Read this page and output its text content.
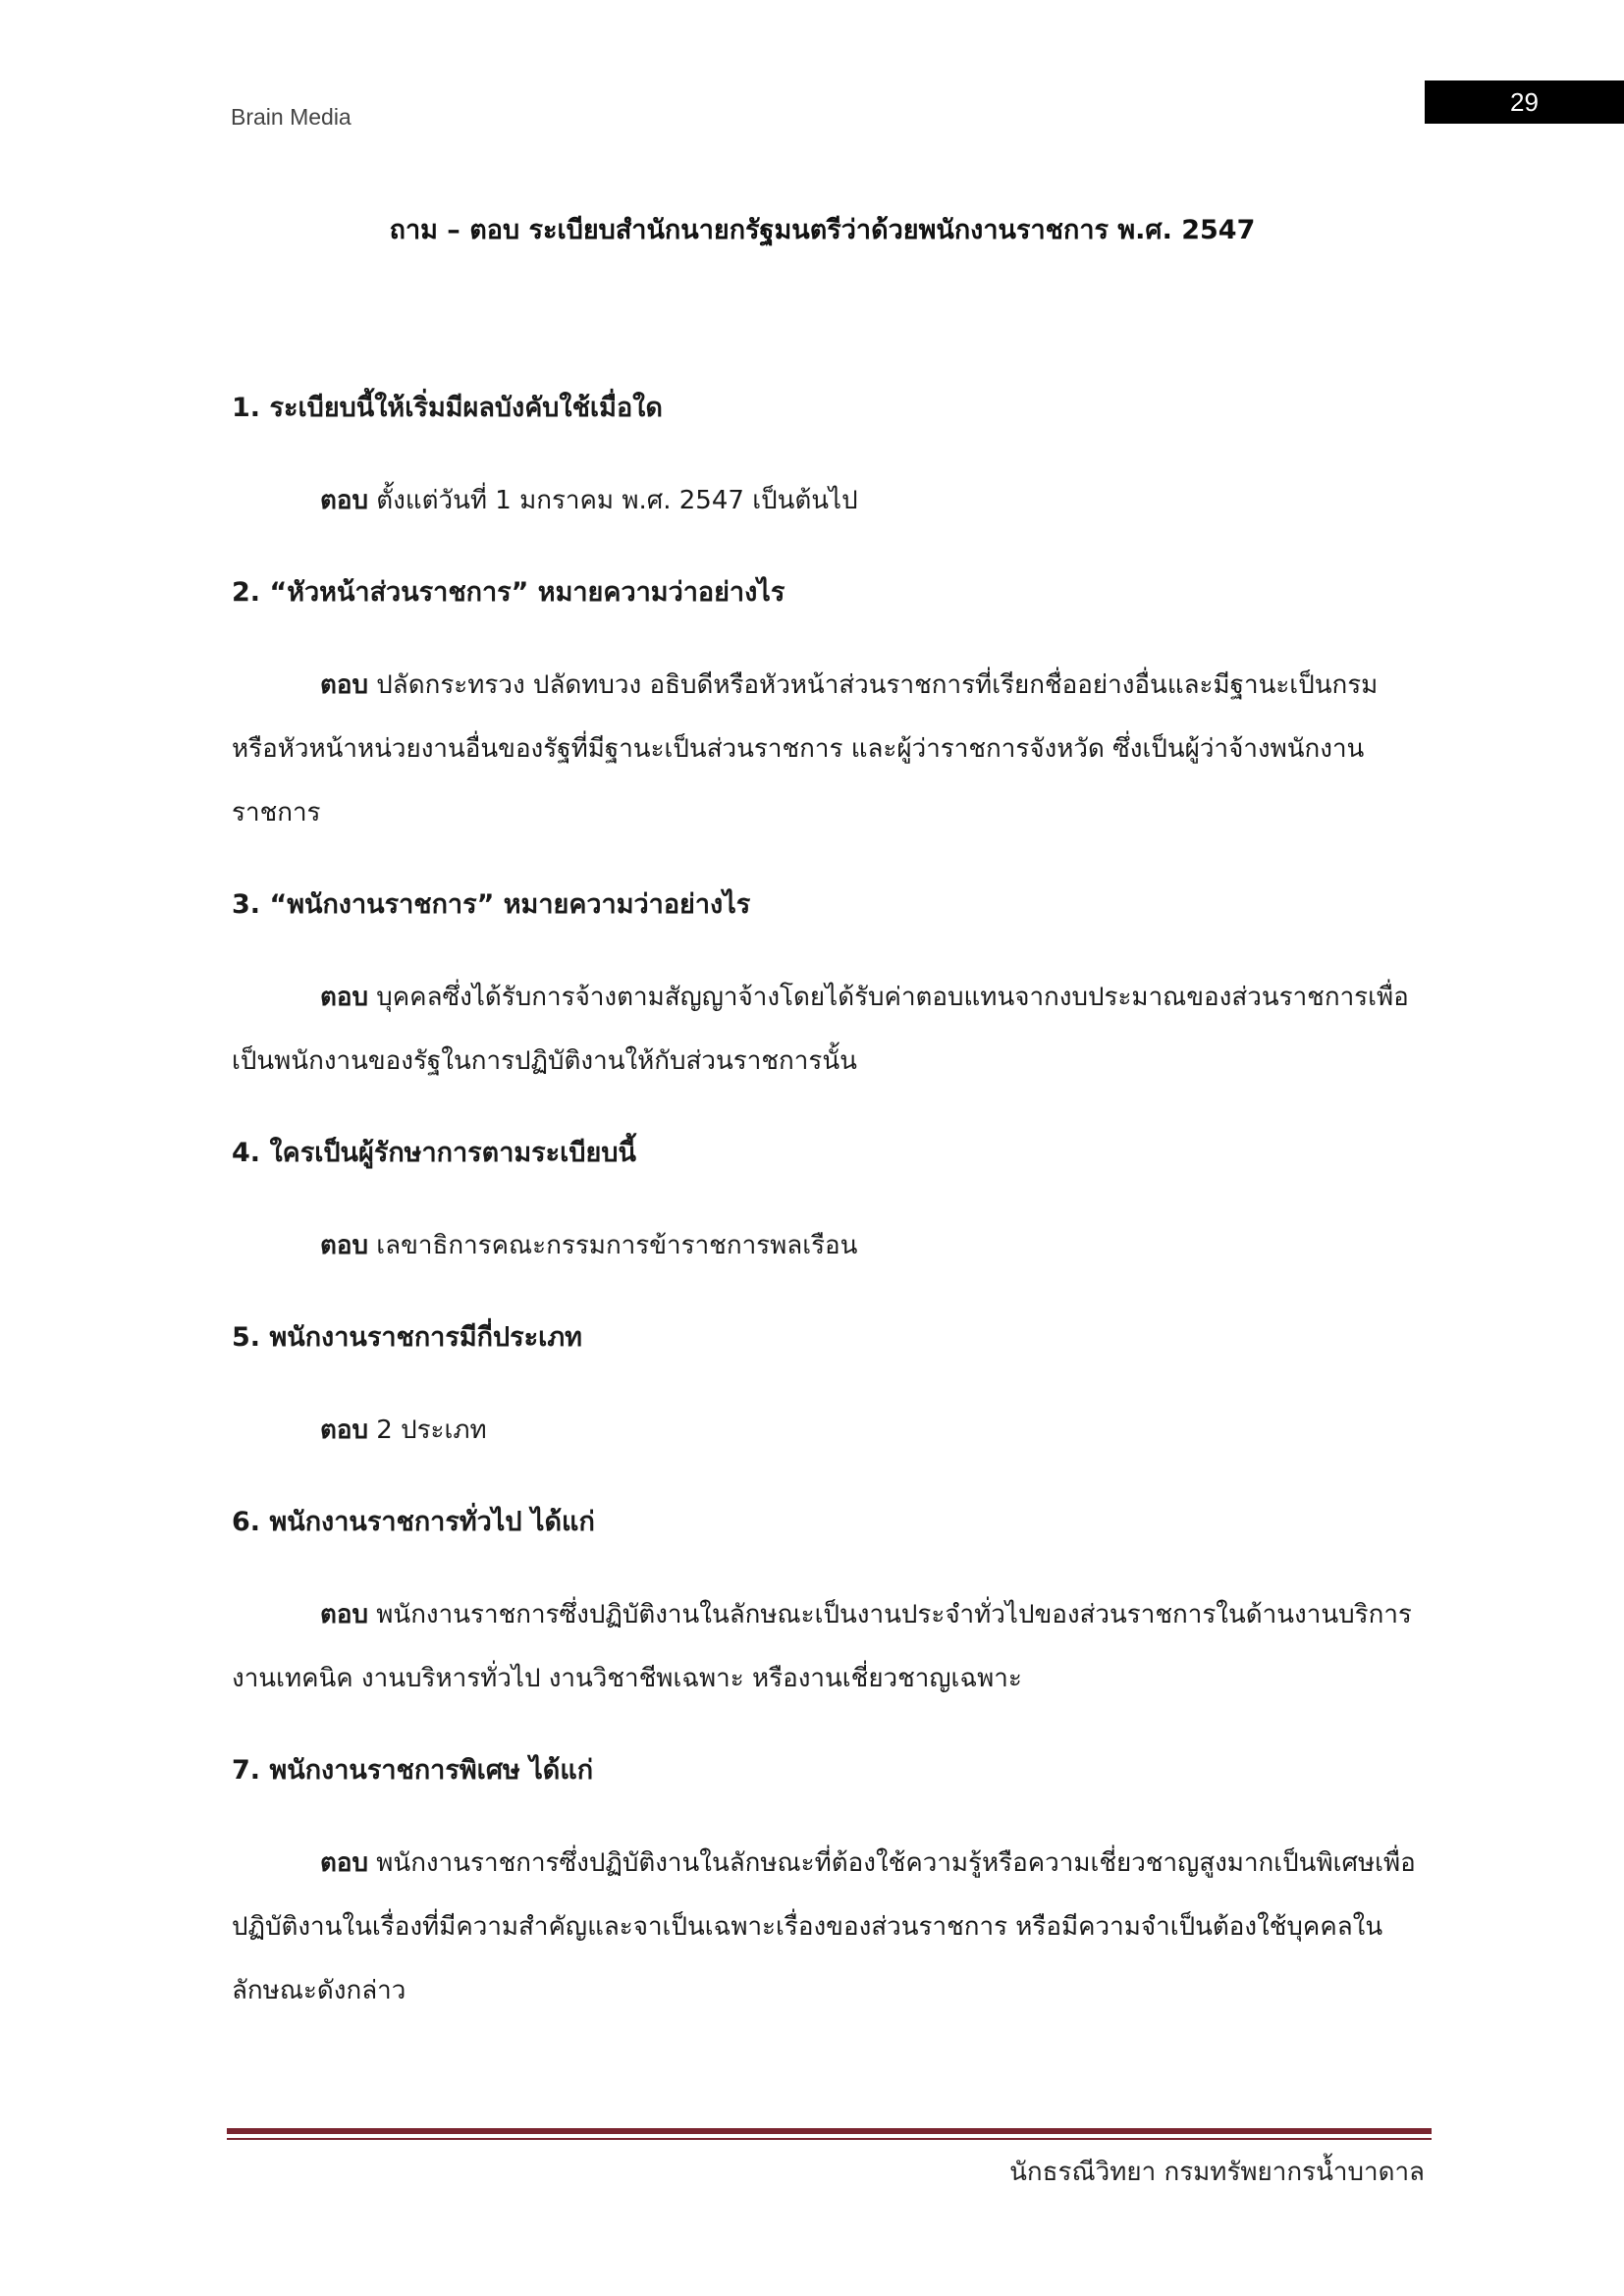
Brain Media
29
ถาม – ตอบ ระเบียบสำนักนายกรัฐมนตรีว่าด้วยพนักงานราชการ พ.ศ. 2547

1. ระเบียบนี้ให้เริ่มมีผลบังคับใช้เมื่อใด

ตอบ ตั้งแต่วันที่ 1 มกราคม พ.ศ. 2547 เป็นต้นไป

2. “หัวหน้าส่วนราชการ” หมายความว่าอย่างไร

ตอบ ปลัดกระทรวง ปลัดทบวง อธิบดีหรือหัวหน้าส่วนราชการที่เรียกชื่ออย่างอื่นและมีฐานะเป็นกรม หรือหัวหน้าหน่วยงานอื่นของรัฐที่มีฐานะเป็นส่วนราชการ และผู้ว่าราชการจังหวัด ซึ่งเป็นผู้ว่าจ้างพนักงานราชการ

3. “พนักงานราชการ” หมายความว่าอย่างไร

ตอบ บุคคลซึ่งได้รับการจ้างตามสัญญาจ้างโดยได้รับค่าตอบแทนจากงบประมาณของส่วนราชการเพื่อเป็นพนักงานของรัฐในการปฏิบัติงานให้กับส่วนราชการนั้น

4. ใครเป็นผู้รักษาการตามระเบียบนี้

ตอบ เลขาธิการคณะกรรมการข้าราชการพลเรือน

5. พนักงานราชการมีกี่ประเภท

ตอบ 2 ประเภท

6. พนักงานราชการทั่วไป ได้แก่

ตอบ พนักงานราชการซึ่งปฏิบัติงานในลักษณะเป็นงานประจำทั่วไปของส่วนราชการในด้านงานบริการ งานเทคนิค งานบริหารทั่วไป งานวิชาชีพเฉพาะ หรืองานเชี่ยวชาญเฉพาะ

7. พนักงานราชการพิเศษ ได้แก่

ตอบ พนักงานราชการซึ่งปฏิบัติงานในลักษณะที่ต้องใช้ความรู้หรือความเชี่ยวชาญสูงมากเป็นพิเศษเพื่อปฏิบัติงานในเรื่องที่มีความสำคัญและจาเป็นเฉพาะเรื่องของส่วนราชการ หรือมีความจำเป็นต้องใช้บุคคลในลักษณะดังกล่าว

นักธรณีวิทยา กรมทรัพยากรน้ำบาดาล
